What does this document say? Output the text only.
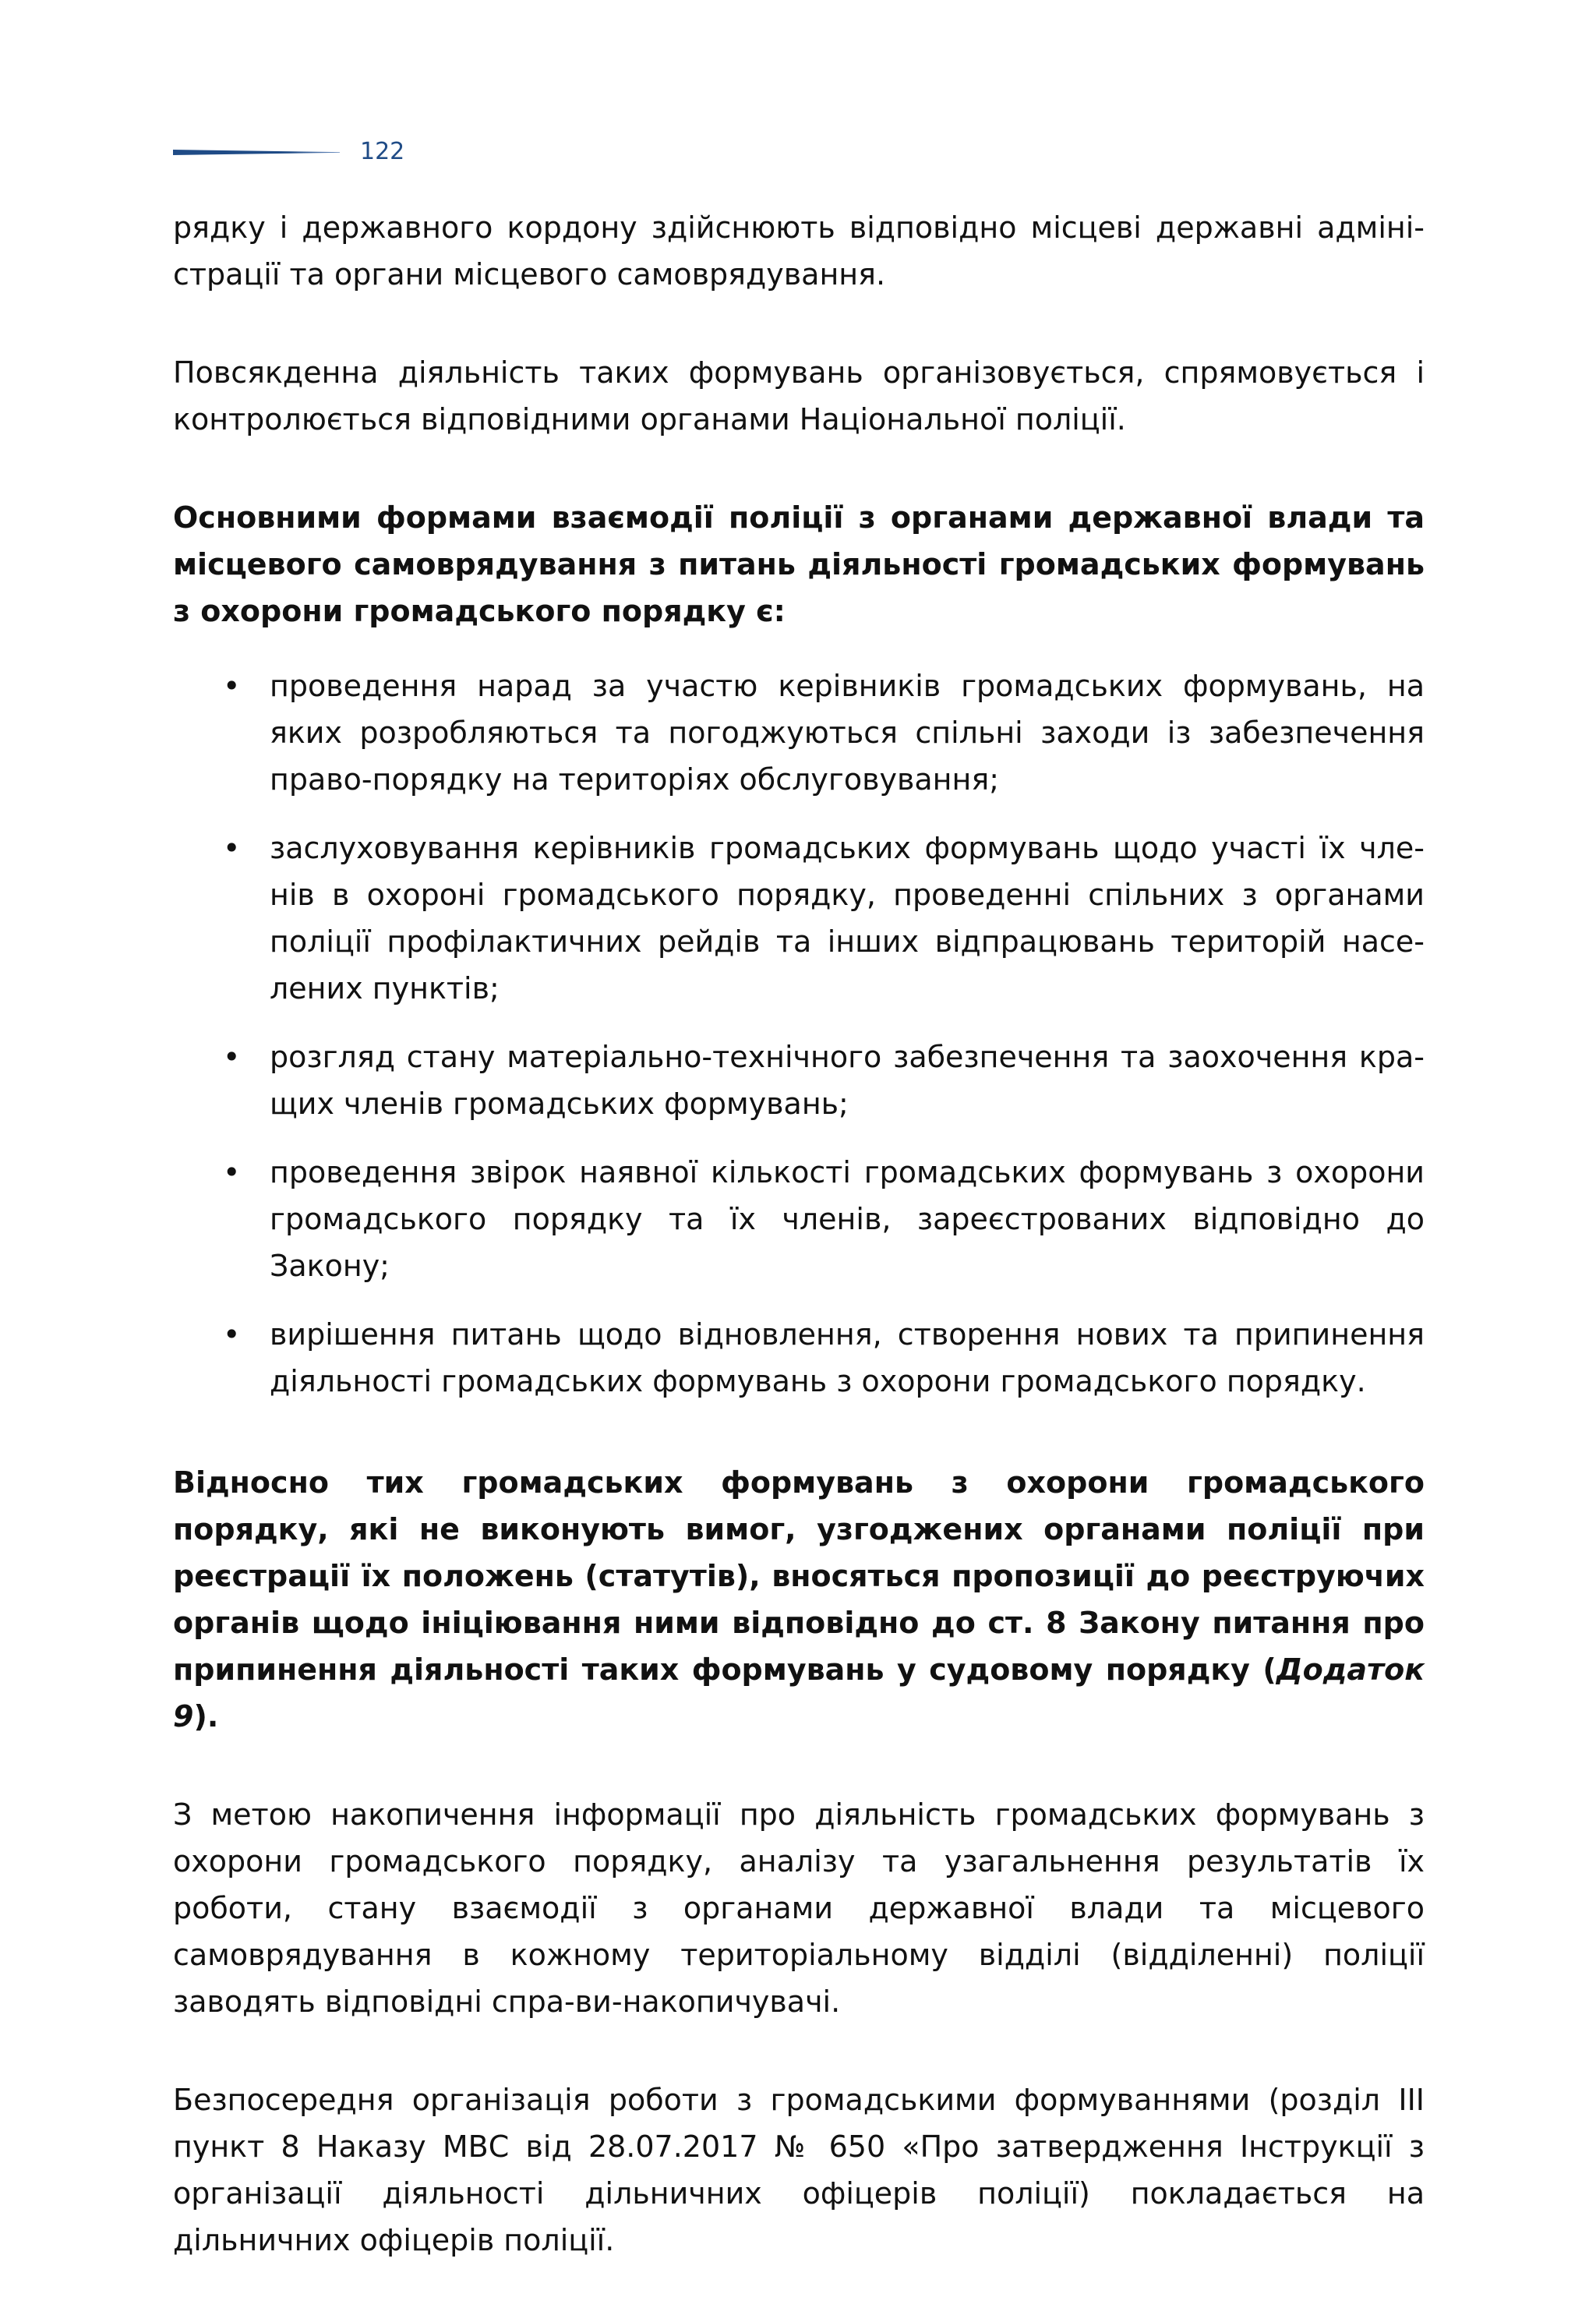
122

рядку і державного кордону здійснюють відповідно місцеві державні адміні-страції та органи місцевого самоврядування.

Повсякденна діяльність таких формувань організовується, спрямовується і контролюється відповідними органами Національної поліції.

Основними формами взаємодії поліції з органами державної влади та місцевого самоврядування з питань діяльності громадських формувань з охорони громадського порядку є:

• проведення нарад за участю керівників громадських формувань, на яких розробляються та погоджуються спільні заходи із забезпечення право-порядку на територіях обслуговування;
• заслуховування керівників громадських формувань щодо участі їх чле-нів в охороні громадського порядку, проведенні спільних з органами поліції профілактичних рейдів та інших відпрацювань територій насе-лених пунктів;
• розгляд стану матеріально-технічного забезпечення та заохочення кра-щих членів громадських формувань;
• проведення звірок наявної кількості громадських формувань з охорони громадського порядку та їх членів, зареєстрованих відповідно до Закону;
• вирішення питань щодо відновлення, створення нових та припинення діяльності громадських формувань з охорони громадського порядку.

Відносно тих громадських формувань з охорони громадського порядку, які не виконують вимог, узгоджених органами поліції при реєстрації їх положень (статутів), вносяться пропозиції до реєструючих органів щодо ініціювання ними відповідно до ст. 8 Закону питання про припинення діяльності таких формувань у судовому порядку (Додаток 9).

З метою накопичення інформації про діяльність громадських формувань з охорони громадського порядку, аналізу та узагальнення результатів їх роботи, стану взаємодії з органами державної влади та місцевого самоврядування в кожному територіальному відділі (відділенні) поліції заводять відповідні спра-ви-накопичувачі.

Безпосередня організація роботи з громадськими формуваннями (розділ ІІІ пункт 8 Наказу МВС від 28.07.2017 № 650 «Про затвердження Інструкції з організації діяльності дільничних офіцерів поліції) покладається на дільничних офіцерів поліції.
